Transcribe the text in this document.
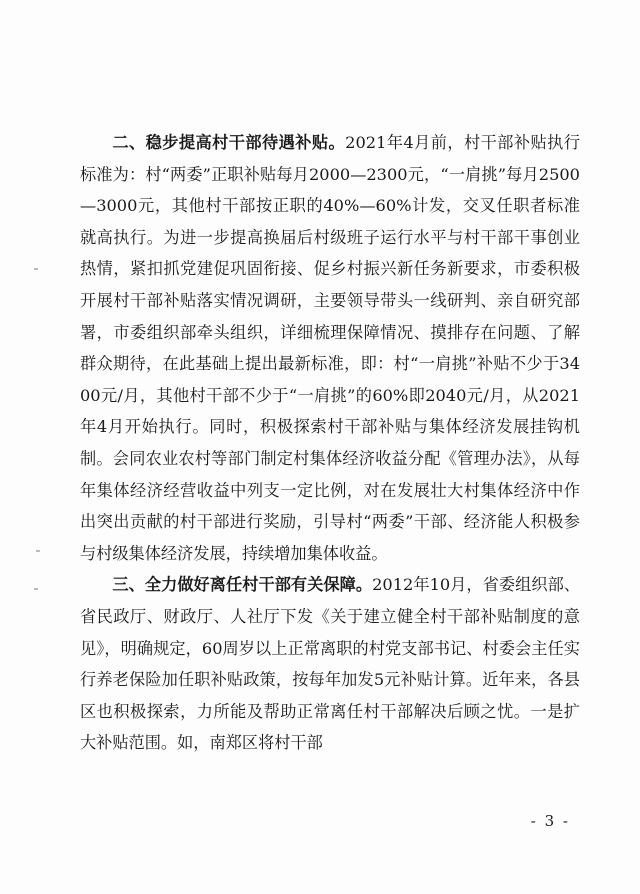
二、稳步提高村干部待遇补贴。2021年4月前，村干部补贴执行标准为：村“两委”正职补贴每月2000—2300元，“一肩挑”每月2500—3000元，其他村干部按正职的40%—60%计发，交叉任职者标准就高执行。为进一步提高换届后村级班子运行水平与村干部干事创业热情，紧扣抓党建促巩固衔接、促乡村振兴新任务新要求，市委积极开展村干部补贴落实情况调研，主要领导带头一线研判、亲自研究部署，市委组织部牵头组织，详细梳理保障情况、摸排存在问题、了解群众期待，在此基础上提出最新标准，即：村“一肩挑”补贴不少于3400元/月，其他村干部不少于“一肩挑”的60%即2040元/月，从2021年4月开始执行。同时，积极探索村干部补贴与集体经济发展挂钩机制。会同农业农村等部门制定村集体经济收益分配《管理办法》，从每年集体经济经营收益中列支一定比例，对在发展壮大村集体经济中作出突出贡献的村干部进行奖励，引导村“两委”干部、经济能人积极参与村级集体经济发展，持续增加集体收益。

三、全力做好离任村干部有关保障。2012年10月，省委组织部、省民政厅、财政厅、人社厅下发《关于建立健全村干部补贴制度的意见》，明确规定，60周岁以上正常离职的村党支部书记、村委会主任实行养老保险加任职补贴政策，按每年加发5元补贴计算。近年来，各县区也积极探索，力所能及帮助正常离任村干部解决后顾之忧。一是扩大补贴范围。如，南郑区将村干部

- 3 -
